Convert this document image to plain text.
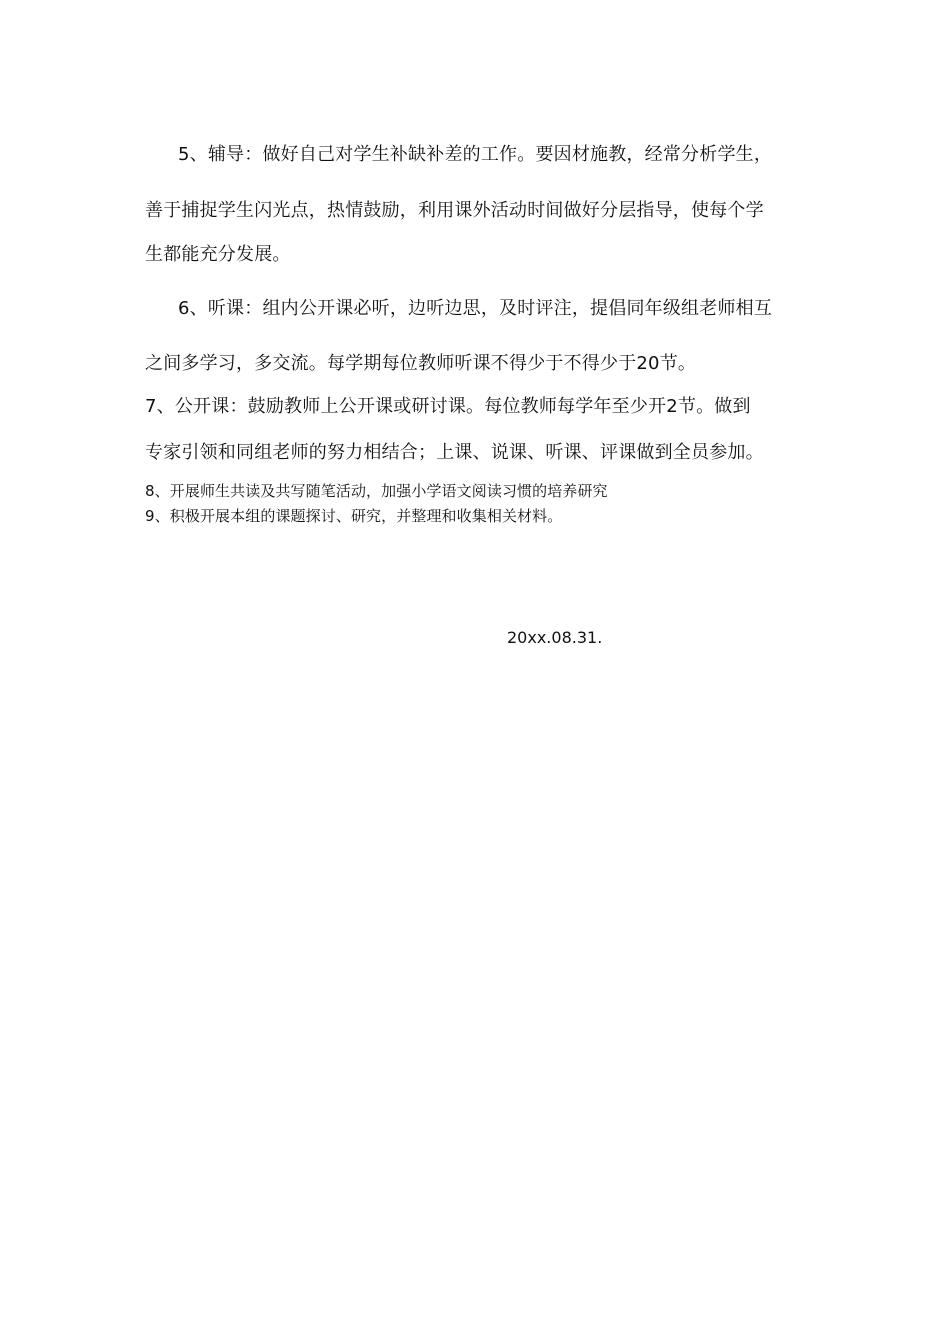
5、辅导：做好自己对学生补缺补差的工作。要因材施教，经常分析学生，
善于捕捉学生闪光点，热情鼓励，利用课外活动时间做好分层指导，使每个学
生都能充分发展。
6、听课：组内公开课必听，边听边思，及时评注，提倡同年级组老师相互
之间多学习，多交流。每学期每位教师听课不得少于不得少于20节。
7、公开课：鼓励教师上公开课或研讨课。每位教师每学年至少开2节。做到
专家引领和同组老师的努力相结合；上课、说课、听课、评课做到全员参加。
8、开展师生共读及共写随笔活动，加强小学语文阅读习惯的培养研究
9、积极开展本组的课题探讨、研究，并整理和收集相关材料。
20xx.08.31.
